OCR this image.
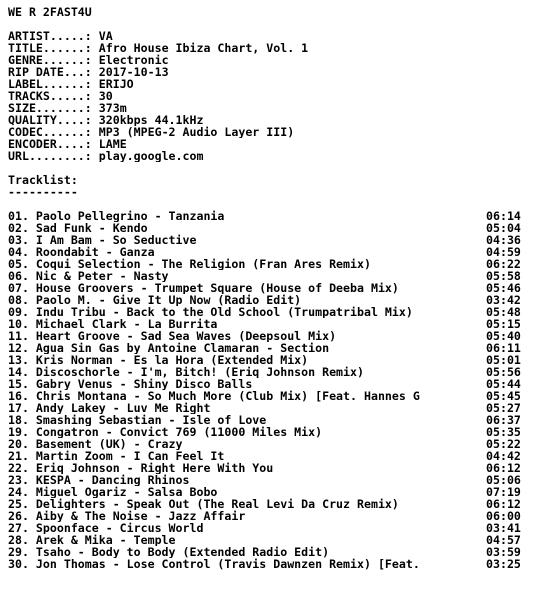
WE R 2FAST4U
ARTIST.....: VA
TITLE......: Afro House Ibiza Chart, Vol. 1
GENRE......: Electronic
RIP DATE...: 2017-10-13
LABEL......: ERIJO
TRACKS.....: 30
SIZE.......: 373m
QUALITY....: 320kbps 44.1kHz
CODEC......: MP3 (MPEG-2 Audio Layer III)
ENCODER....: LAME
URL........: play.google.com
Tracklist:
----------
01. Paolo Pellegrino - Tanzania	06:14
02. Sad Funk - Kendo	05:04
03. I Am Bam - So Seductive	04:36
04. Roondabit - Ganza	04:59
05. Coqui Selection - The Religion (Fran Ares Remix)	06:22
06. Nic & Peter - Nasty	05:58
07. House Groovers - Trumpet Square (House of Deeba Mix)	05:46
08. Paolo M. - Give It Up Now (Radio Edit)	03:42
09. Indu Tribu - Back to the Old School (Trumpatribal Mix)	05:48
10. Michael Clark - La Burrita	05:15
11. Heart Groove - Sad Sea Waves (Deepsoul Mix)	05:40
12. Agua Sin Gas by Antoine Clamaran - Section	06:11
13. Kris Norman - Es la Hora (Extended Mix)	05:01
14. Discoschorle - I'm, Bitch! (Eriq Johnson Remix)	05:56
15. Gabry Venus - Shiny Disco Balls	05:44
16. Chris Montana - So Much More (Club Mix) [Feat. Hannes G	05:45
17. Andy Lakey - Luv Me Right	05:27
18. Smashing Sebastian - Isle of Love	06:37
19. Congatron - Convict 769 (11000 Miles Mix)	05:35
20. Basement (UK) - Crazy	05:22
21. Martin Zoom - I Can Feel It	04:42
22. Eriq Johnson - Right Here With You	06:12
23. KESPA - Dancing Rhinos	05:06
24. Miguel Ogariz - Salsa Bobo	07:19
25. Delighters - Speak Out (The Real Levi Da Cruz Remix)	06:12
26. Aiby & The Noise - Jazz Affair	06:00
27. Spoonface - Circus World	03:41
28. Arek & Mika - Temple	04:57
29. Tsaho - Body to Body (Extended Radio Edit)	03:59
30. Jon Thomas - Lose Control (Travis Dawnzen Remix) [Feat.	03:25
